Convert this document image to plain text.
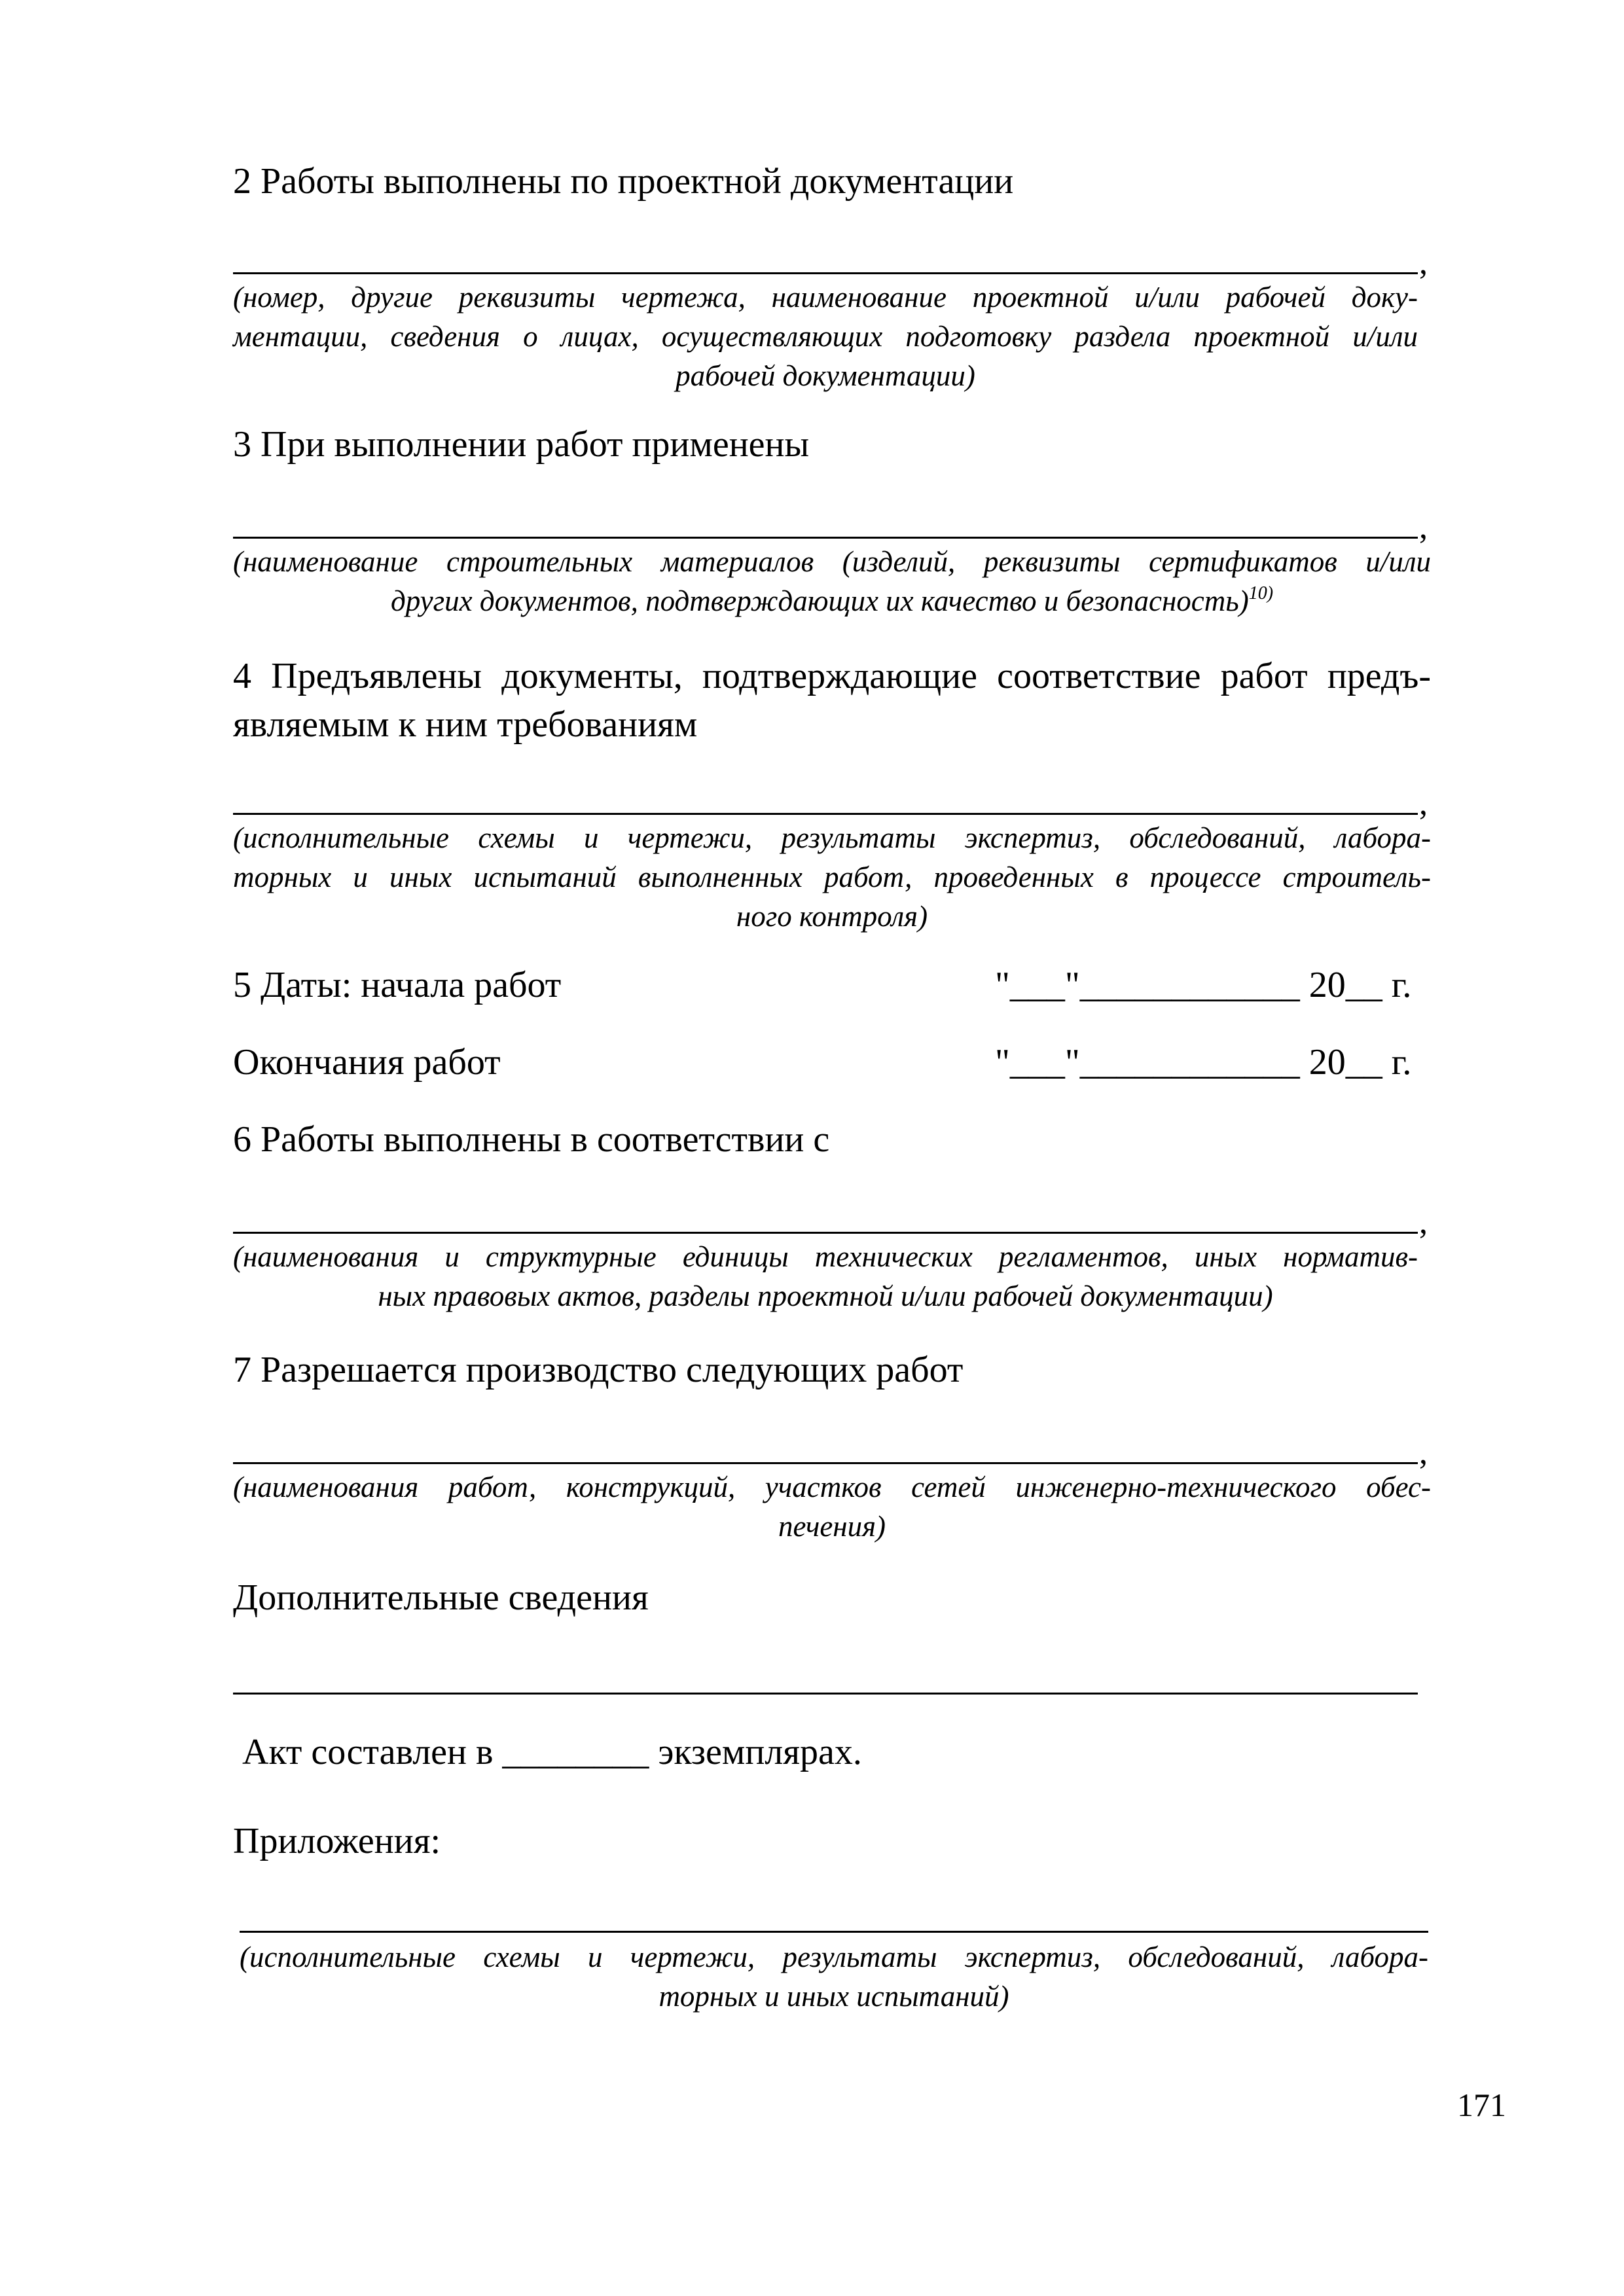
2 Работы выполнены по проектной документации
,
(номер, другие реквизиты чертежа, наименование проектной и/или рабочей доку-
ментации, сведения о лицах, осуществляющих подготовку раздела проектной и/или
рабочей документации)
3 При выполнении работ применены
,
(наименование строительных материалов (изделий, реквизиты сертификатов и/или
других документов, подтверждающих их качество и безопасность)$^{10)}$
4 Предъявлены документы, подтверждающие соответствие работ предъ-
являемым к ним требованиям
,
(исполнительные схемы и чертежи, результаты экспертиз, обследований, лабора-
торных и иных испытаний выполненных работ, проведенных в процессе строитель-
ного контроля)
5 Даты: начала работ	"___"____________ 20__ г.
Окончания работ	"___"____________ 20__ г.
6 Работы выполнены в соответствии с
,
(наименования и структурные единицы технических регламентов, иных норматив-
ных правовых актов, разделы проектной и/или рабочей документации)
7 Разрешается производство следующих работ
,
(наименования работ, конструкций, участков сетей инженерно-технического обес-
печения)
Дополнительные сведения
Акт составлен в ________ экземплярах.
Приложения:
(исполнительные схемы и чертежи, результаты экспертиз, обследований, лабора-
торных и иных испытаний)
171
